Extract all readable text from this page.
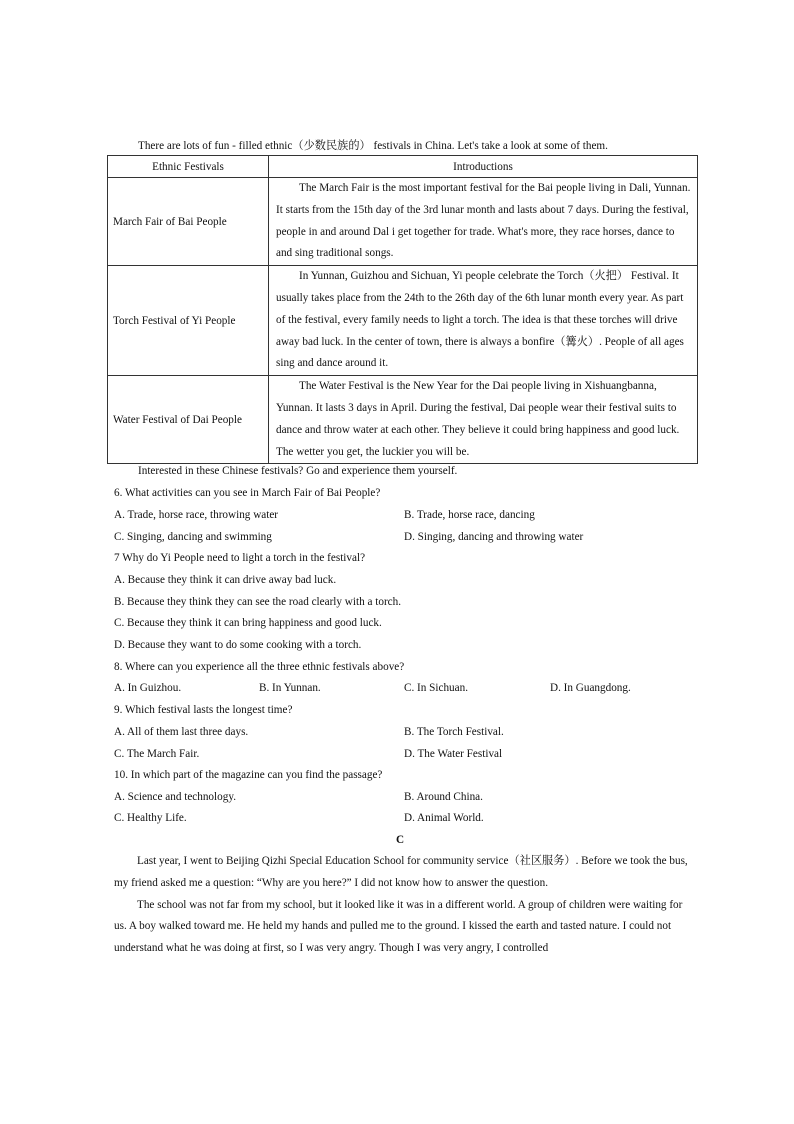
There are lots of fun - filled ethnic（少数民族的） festivals in China. Let's take a look at some of them.
Ethnic Festivals	Introductions
March Fair of Bai People	The March Fair is the most important festival for the Bai people living in Dali, Yunnan. It starts from the 15th day of the 3rd lunar month and lasts about 7 days. During the festival, people in and around Dal i get together for trade. What's more, they race horses, dance to and sing traditional songs.

Torch Festival of Yi People	In Yunnan, Guizhou and Sichuan, Yi people celebrate the Torch（火把） Festival. It usually takes place from the 24th to the 26th day of the 6th lunar month every year. As part of the festival, every family needs to light a torch. The idea is that these torches will drive away bad luck. In the center of town, there is always a bonfire（篝火）. People of all ages sing and dance around it.

Water Festival of Dai People	The Water Festival is the New Year for the Dai people living in Xishuangbanna, Yunnan. It lasts 3 days in April. During the festival, Dai people wear their festival suits to dance and throw water at each other. They believe it could bring happiness and good luck. The wetter you get, the luckier you will be.
Interested in these Chinese festivals? Go and experience them yourself.
6. What activities can you see in March Fair of Bai People?
A. Trade, horse race, throwing water	B. Trade, horse race, dancing
C. Singing, dancing and swimming	D. Singing, dancing and throwing water
7 Why do Yi People need to light a torch in the festival?
A. Because they think it can drive away bad luck.
B. Because they think they can see the road clearly with a torch.
C. Because they think it can bring happiness and good luck.
D. Because they want to do some cooking with a torch.
8. Where can you experience all the three ethnic festivals above?
A. In Guizhou.	B. In Yunnan.	C. In Sichuan.	D. In Guangdong.
9. Which festival lasts the longest time?
A. All of them last three days.	B. The Torch Festival.
C. The March Fair.	D. The Water Festival
10. In which part of the magazine can you find the passage?
A. Science and technology.	B. Around China.
C. Healthy Life.	D. Animal World.
C

Last year, I went to Beijing Qizhi Special Education School for community service（社区服务）. Before we took the bus, my friend asked me a question: “Why are you here?” I did not know how to answer the question.

The school was not far from my school, but it looked like it was in a different world. A group of children were waiting for us. A boy walked toward me. He held my hands and pulled me to the ground. I kissed the earth and tasted nature. I could not understand what he was doing at first, so I was very angry. Though I was very angry, I controlled
